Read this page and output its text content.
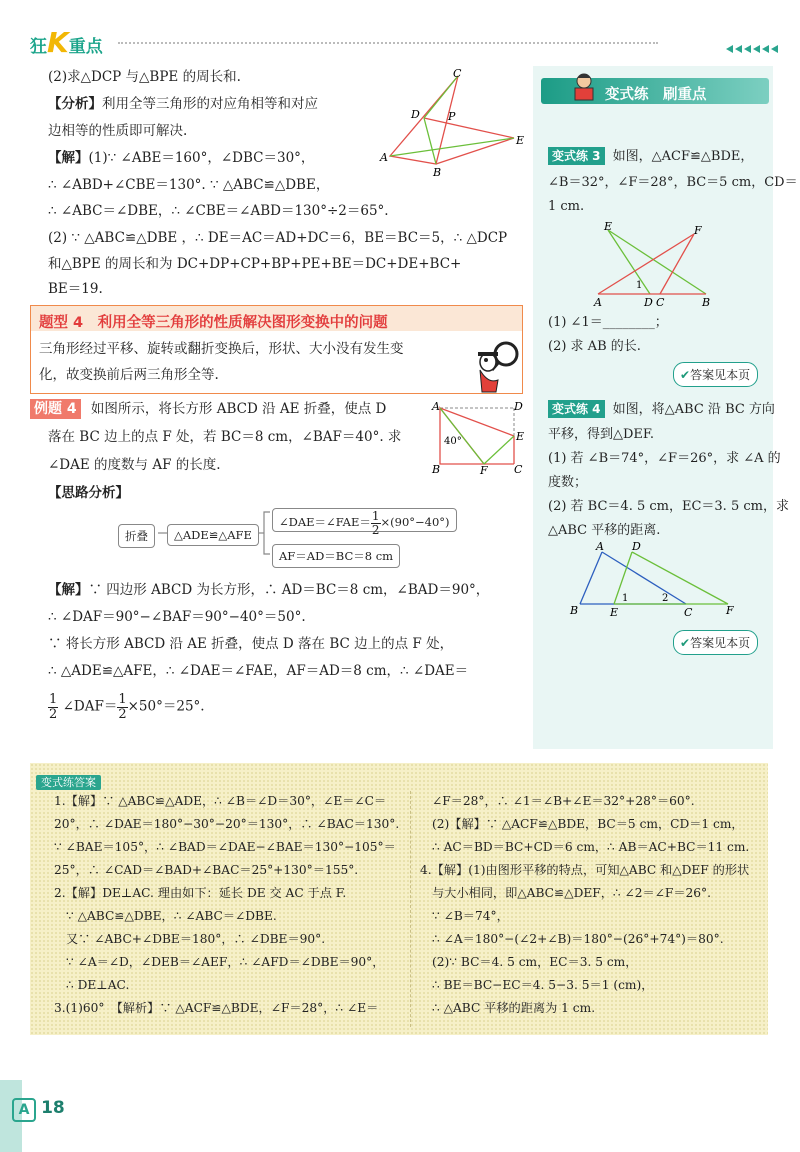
狂K重点
(2)求△DCP 与△BPE 的周长和.
【分析】利用全等三角形的对应角相等和对应
边相等的性质即可解决.
【解】(1)∵ ∠ABE＝160°，∠DBC＝30°，
∴ ∠ABD+∠CBE＝130°. ∵ △ABC≌△DBE，
∴ ∠ABC＝∠DBE，∴ ∠CBE＝∠ABD＝130°÷2＝65°.
(2) ∵ △ABC≌△DBE ，∴ DE＝AC＝AD+DC＝6，BE＝BC＝5，∴ △DCP
和△BPE 的周长和为 DC+DP+CP+BP+PE+BE＝DC+DE+BC+
BE＝19.
A
B
C
D
E
P
题型 4　利用全等三角形的性质解决图形变换中的问题
三角形经过平移、旋转或翻折变换后，形状、大小没有发生变
化，故变换前后两三角形全等.
例题 4 如图所示，将长方形 ABCD 沿 AE 折叠，使点 D
落在 BC 边上的点 F 处，若 BC＝8 cm，∠BAF＝40°. 求
∠DAE 的度数与 AF 的长度.
【思路分析】
A
B	C
D
E
F
40°
折叠	△ADE≌△AFE
∠DAE＝∠FAE＝ $\frac{1}{2} \times(90^\circ-40^\circ)$
AF＝AD＝BC＝8 cm
【解】∵ 四边形 ABCD 为长方形，∴ AD＝BC＝8 cm，∠BAD＝90°，
∴ ∠DAF＝90°−∠BAF＝90°−40°＝50°.
∵ 将长方形 ABCD 沿 AE 折叠，使点 D 落在 BC 边上的点 F 处，
∴ △ADE≌△AFE，∴ ∠DAE＝∠FAE，AF＝AD＝8 cm，∴ ∠DAE＝
$\frac{1}{2}$ ∠DAF＝ $\frac{1}{2} \times 50^\circ=25^\circ$.
变式练　刷重点
变式练 3 如图，△ACF≌△BDE，
∠B＝32°，∠F＝28°，BC＝5 cm，CD＝
1 cm.
A	D C	B
E	F
1
(1) ∠1＝________；
(2) 求 AB 的长.
✔答案见本页
变式练 4 如图，将△ABC 沿 BC 方向
平移，得到△DEF.
(1) 若 ∠B＝74°，∠F＝26°，求 ∠A 的
度数；
(2) 若 BC＝4. 5 cm，EC＝3. 5 cm，求
△ABC 平移的距离.
A	D
B	E	C	F
1	2
✔答案见本页
变式练答案
1.【解】∵ △ABC≌△ADE，∴ ∠B＝∠D＝30°，∠E＝∠C＝
20°，∴ ∠DAE＝180°−30°−20°＝130°，∴ ∠BAC＝130°.
∵ ∠BAE＝105°，∴ ∠BAD＝∠DAE−∠BAE＝130°−105°＝
25°，∴ ∠CAD＝∠BAD+∠BAC＝25°+130°＝155°.
2.【解】DE⊥AC. 理由如下：延长 DE 交 AC 于点 F.
∵ △ABC≌△DBE，∴ ∠ABC＝∠DBE.
又∵ ∠ABC+∠DBE＝180°，∴ ∠DBE＝90°.
∵ ∠A＝∠D，∠DEB＝∠AEF，∴ ∠AFD＝∠DBE＝90°，
∴ DE⊥AC.
3.(1)60°　【解析】∵ △ACF≌△BDE，∠F＝28°，∴ ∠E＝
∠F＝28°，∴ ∠1＝∠B+∠E＝32°+28°＝60°.
(2)【解】∵ △ACF≌△BDE，BC＝5 cm，CD＝1 cm，
∴ AC＝BD＝BC+CD＝6 cm，∴ AB＝AC+BC＝11 cm.
4.【解】(1)由图形平移的特点，可知△ABC 和△DEF 的形状
与大小相同，即△ABC≌△DEF，∴ ∠2＝∠F＝26°.
∵ ∠B＝74°，
∴ ∠A＝180°−(∠2+∠B)＝180°−(26°+74°)＝80°.
(2)∵ BC＝4. 5 cm，EC＝3. 5 cm，
∴ BE＝BC−EC＝4. 5−3. 5＝1 (cm)，
∴ △ABC 平移的距离为 1 cm.
A 18
